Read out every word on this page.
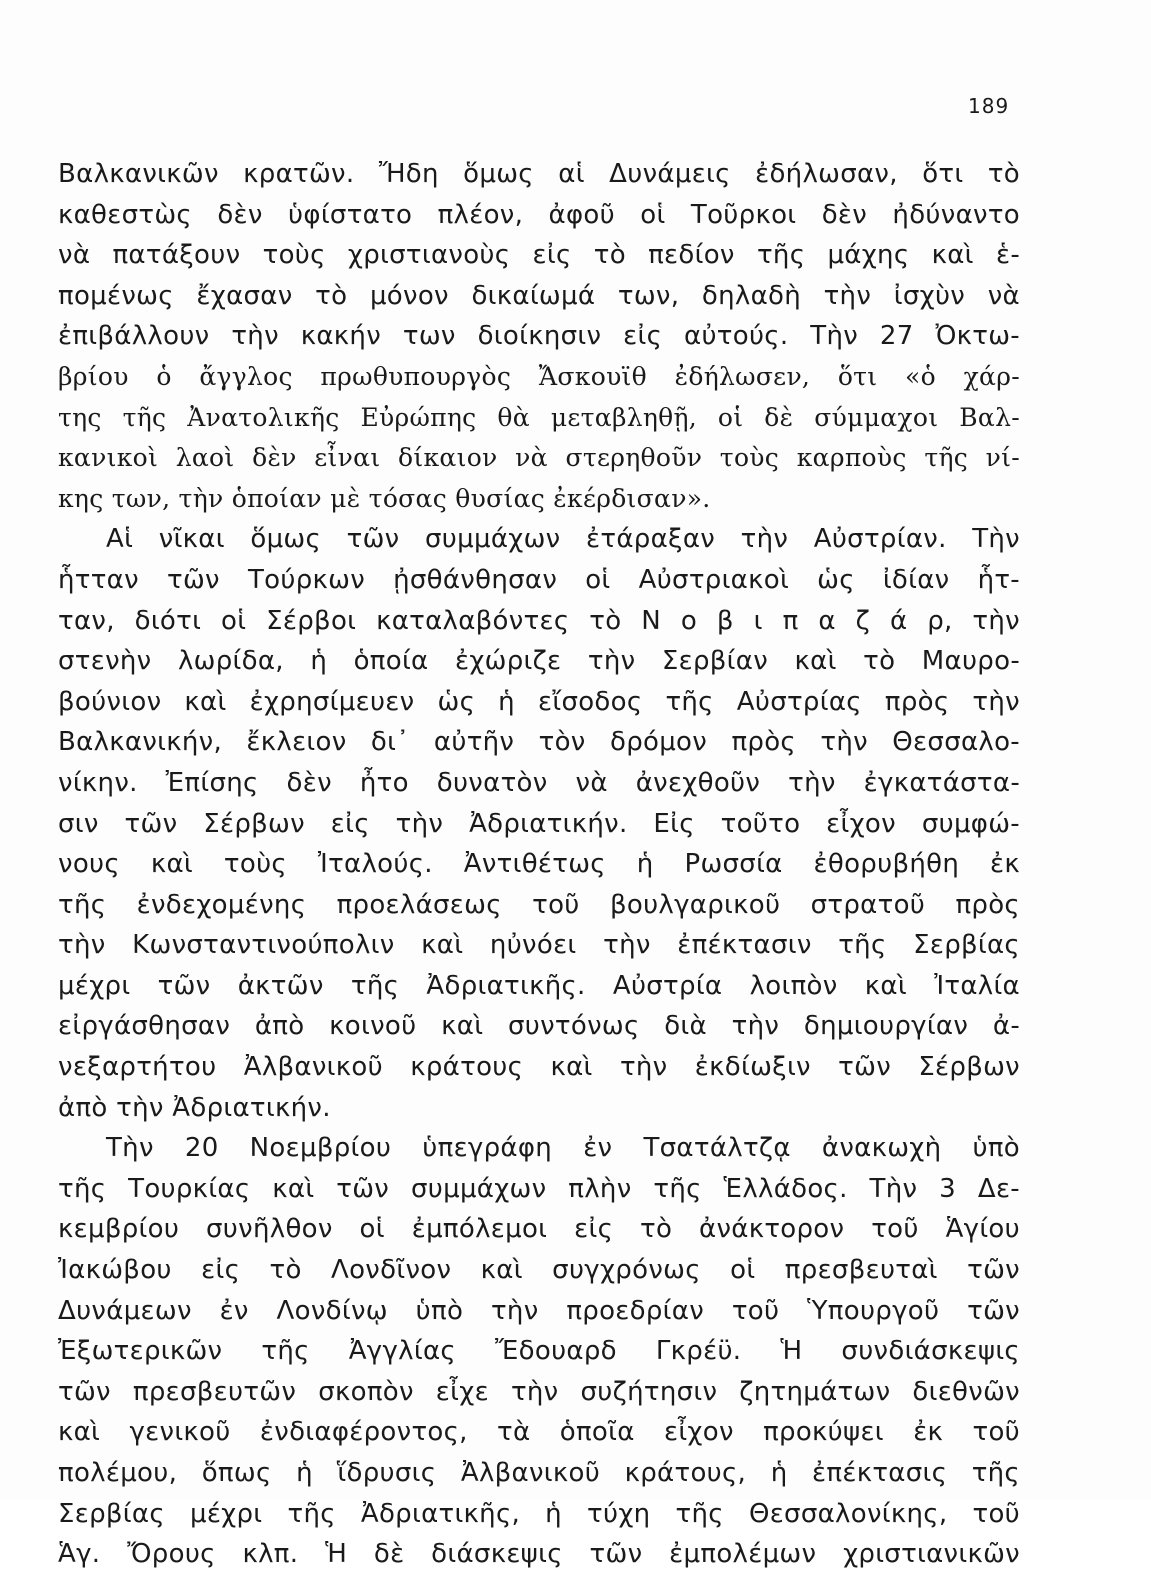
189
Βαλκανικῶν κρατῶν. Ἤδη ὅμως αἱ Δυνάμεις ἐδήλωσαν, ὅτι τὸ
καθεστὼς δὲν ὑφίστατο πλέον, ἀφοῦ οἱ Τοῦρκοι δὲν ἠδύναντο
νὰ πατάξουν τοὺς χριστιανοὺς εἰς τὸ πεδίον τῆς μάχης καὶ ἑ-
πομένως ἔχασαν τὸ μόνον δικαίωμά των, δηλαδὴ τὴν ἰσχὺν νὰ
ἐπιβάλλουν τὴν κακήν των διοίκησιν εἰς αὐτούς. Τὴν 27 Ὀκτω-
βρίου ὁ ἄγγλος πρωθυπουργὸς Ἄσκουϊθ ἐδήλωσεν, ὅτι «ὁ χάρ-
της τῆς Ἀνατολικῆς Εὐρώπης θὰ μεταβληθῇ, οἱ δὲ σύμμαχοι Βαλ-
κανικοὶ λαοὶ δὲν εἶναι δίκαιον νὰ στερηθοῦν τοὺς καρποὺς τῆς νί-
κης των, τὴν ὁποίαν μὲ τόσας θυσίας ἐκέρδισαν».
Αἱ νῖκαι ὅμως τῶν συμμάχων ἐτάραξαν τὴν Αὐστρίαν. Τὴν
ἧτταν τῶν Τούρκων ᾐσθάνθησαν οἱ Αὐστριακοὶ ὡς ἰδίαν ἧτ-
ταν, διότι οἱ Σέρβοι καταλαβόντες τὸ Ν ο β ι π α ζ ά ρ, τὴν
στενὴν λωρίδα, ἡ ὁποία ἐχώριζε τὴν Σερβίαν καὶ τὸ Μαυρο-
βούνιον καὶ ἐχρησίμευεν ὡς ἡ εἴσοδος τῆς Αὐστρίας πρὸς τὴν
Βαλκανικήν, ἔκλειον δι᾽ αὐτῆν τὸν δρόμον πρὸς τὴν Θεσσαλο-
νίκην. Ἐπίσης δὲν ἦτο δυνατὸν νὰ ἀνεχθοῦν τὴν ἐγκατάστα-
σιν τῶν Σέρβων εἰς τὴν Ἀδριατικήν. Εἰς τοῦτο εἶχον συμφώ-
νους καὶ τοὺς Ἰταλούς. Ἀντιθέτως ἡ Ρωσσία ἐθορυβήθη ἐκ
τῆς ἐνδεχομένης προελάσεως τοῦ βουλγαρικοῦ στρατοῦ πρὸς
τὴν Κωνσταντινούπολιν καὶ ηὐνόει τὴν ἐπέκτασιν τῆς Σερβίας
μέχρι τῶν ἀκτῶν τῆς Ἀδριατικῆς. Αὐστρία λοιπὸν καὶ Ἰταλία
εἰργάσθησαν ἀπὸ κοινοῦ καὶ συντόνως διὰ τὴν δημιουργίαν ἀ-
νεξαρτήτου Ἀλβανικοῦ κράτους καὶ τὴν ἐκδίωξιν τῶν Σέρβων
ἀπὸ τὴν Ἀδριατικήν.
Τὴν 20 Νοεμβρίου ὑπεγράφη ἐν Τσατάλτζᾳ ἀνακωχὴ ὑπὸ
τῆς Τουρκίας καὶ τῶν συμμάχων πλὴν τῆς Ἑλλάδος. Τὴν 3 Δε-
κεμβρίου συνῆλθον οἱ ἐμπόλεμοι εἰς τὸ ἀνάκτορον τοῦ Ἁγίου
Ἰακώβου εἰς τὸ Λονδῖνον καὶ συγχρόνως οἱ πρεσβευταὶ τῶν
Δυνάμεων ἐν Λονδίνῳ ὑπὸ τὴν προεδρίαν τοῦ Ὑπουργοῦ τῶν
Ἐξωτερικῶν τῆς Ἀγγλίας Ἔδουαρδ Γκρέϋ. Ἡ συνδιάσκεψις
τῶν πρεσβευτῶν σκοπὸν εἶχε τὴν συζήτησιν ζητημάτων διεθνῶν
καὶ γενικοῦ ἐνδιαφέροντος, τὰ ὁποῖα εἶχον προκύψει ἐκ τοῦ
πολέμου, ὅπως ἡ ἵδρυσις Ἀλβανικοῦ κράτους, ἡ ἐπέκτασις τῆς
Σερβίας μέχρι τῆς Ἀδριατικῆς, ἡ τύχη τῆς Θεσσαλονίκης, τοῦ
Ἁγ. Ὄρους κλπ. Ἡ δὲ διάσκεψις τῶν ἐμπολέμων χριστιανικῶν
